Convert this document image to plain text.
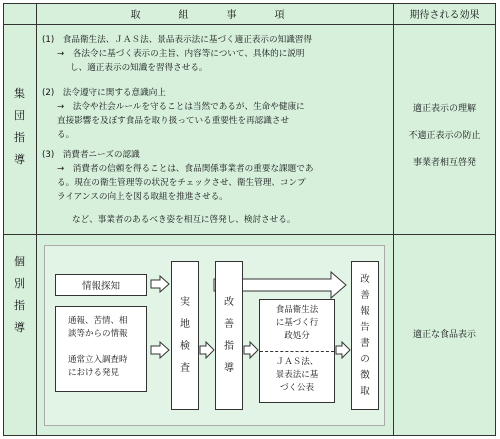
取　組　事　項	期待される効果
集
団
指
導
(1)　食品衛生法、ＪＡＳ法、景品表示法に基づく適正表示の知識習得
→　各法令に基づく表示の主旨、内容等について、具体的に説明
し、適正表示の知識を習得させる。
(2)　法令遵守に関する意識向上
→　法令や社会ルールを守ることは当然であるが、生命や健康に
直接影響を及ぼす食品を取り扱っている重要性を再認識させ
る。
(3)　消費者ニーズの認識
→　消費者の信頼を得ることは、食品関係事業者の重要な課題であ
る。現在の衛生管理等の状況をチェックさせ、衛生管理、コンプ
ライアンスの向上を図る取組を推進させる。
など、事業者のあるべき姿を相互に啓発し、検討させる。
適正表示の理解
不適正表示の防止
事業者相互啓発
個
別
指
導
適正な食品表示
情報探知
通報、苦情、相
談等からの情報
通常立入調査時
における発見
実
地
検
査
改
善
指
導
食品衛生法
に基づく行
政処分
ＪＡＳ法、
景表法に基
づく公表
改
善
報
告
書
の
徴
取
